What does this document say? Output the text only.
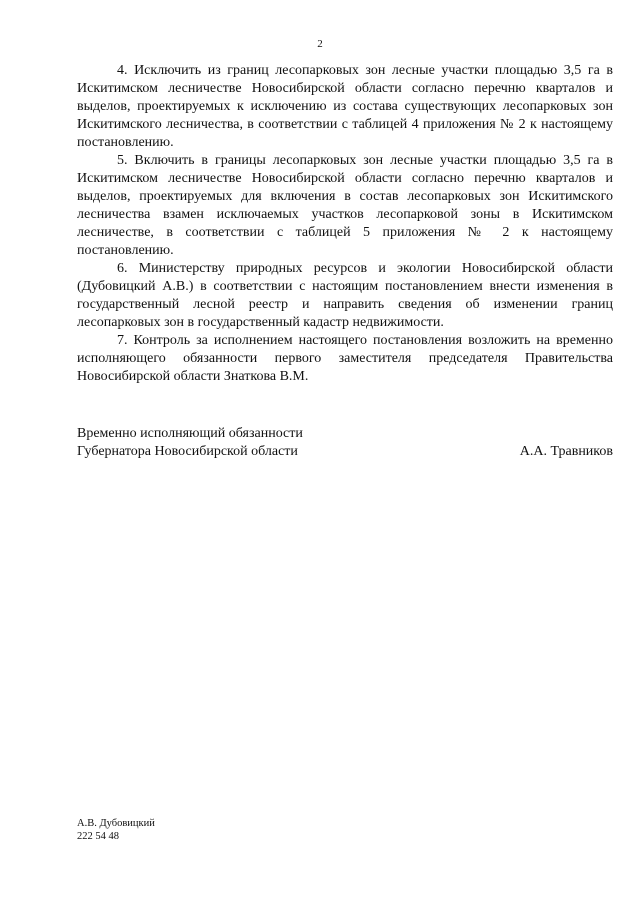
2

4. Исключить из границ лесопарковых зон лесные участки площадью 3,5 га в Искитимском лесничестве Новосибирской области согласно перечню кварталов и выделов, проектируемых к исключению из состава существующих лесопарковых зон Искитимского лесничества, в соответствии с таблицей 4 приложения № 2 к настоящему постановлению.

5. Включить в границы лесопарковых зон лесные участки площадью 3,5 га в Искитимском лесничестве Новосибирской области согласно перечню кварталов и выделов, проектируемых для включения в состав лесопарковых зон Искитимского лесничества взамен исключаемых участков лесопарковой зоны в Искитимском лесничестве, в соответствии с таблицей 5 приложения № 2 к настоящему постановлению.

6. Министерству природных ресурсов и экологии Новосибирской области (Дубовицкий А.В.) в соответствии с настоящим постановлением внести изменения в государственный лесной реестр и направить сведения об изменении границ лесопарковых зон в государственный кадастр недвижимости.

7. Контроль за исполнением настоящего постановления возложить на временно исполняющего обязанности первого заместителя председателя Правительства Новосибирской области Знаткова В.М.

Временно исполняющий обязанности
Губернатора Новосибирской области	А.А. Травников
А.В. Дубовицкий
222 54 48
